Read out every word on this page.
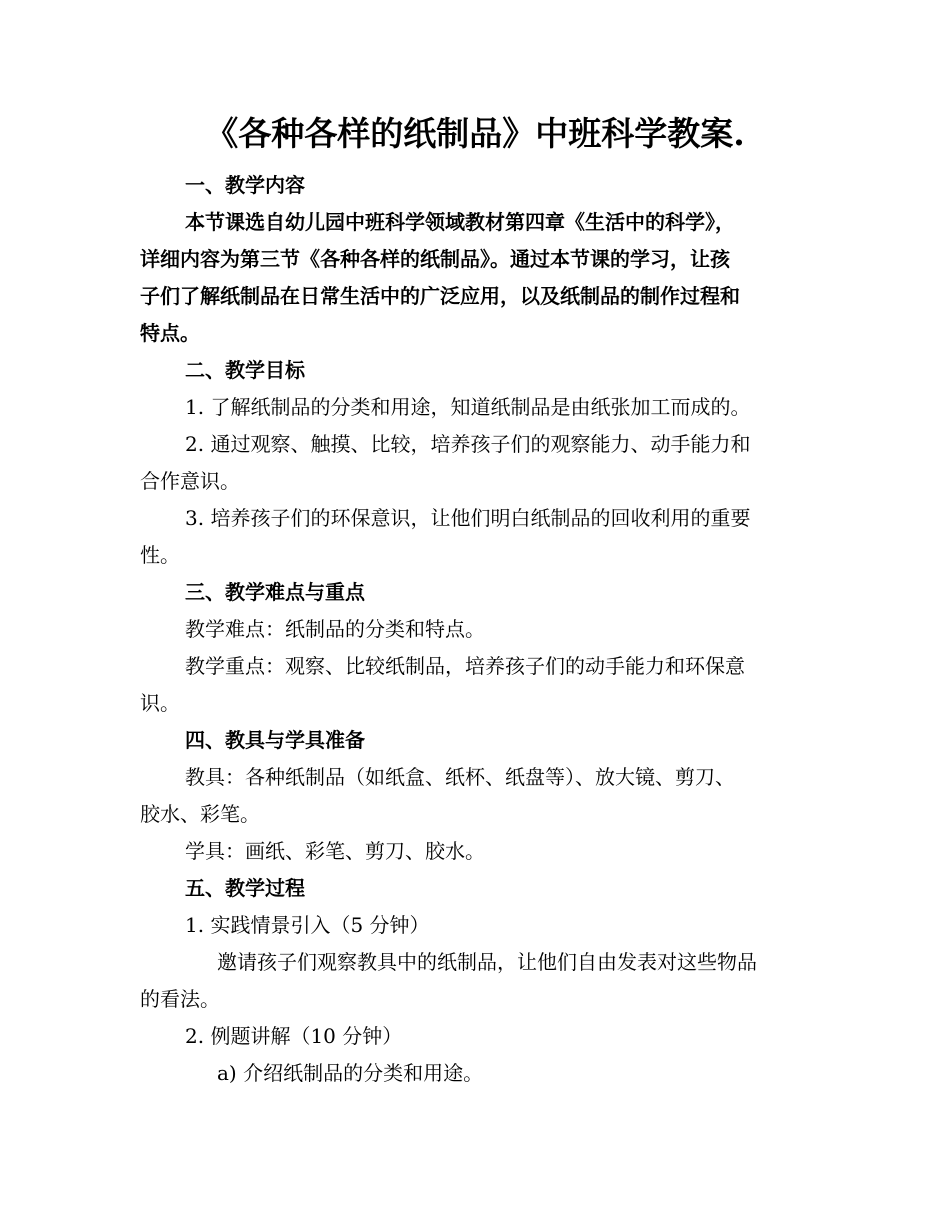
《各种各样的纸制品》中班科学教案.

一、教学内容

本节课选自幼儿园中班科学领域教材第四章《生活中的科学》，

详细内容为第三节《各种各样的纸制品》。通过本节课的学习，让孩

子们了解纸制品在日常生活中的广泛应用，以及纸制品的制作过程和

特点。

二、教学目标

1. 了解纸制品的分类和用途，知道纸制品是由纸张加工而成的。

2. 通过观察、触摸、比较，培养孩子们的观察能力、动手能力和

合作意识。

3. 培养孩子们的环保意识，让他们明白纸制品的回收利用的重要

性。

三、教学难点与重点

教学难点：纸制品的分类和特点。

教学重点：观察、比较纸制品，培养孩子们的动手能力和环保意

识。

四、教具与学具准备

教具：各种纸制品（如纸盒、纸杯、纸盘等）、放大镜、剪刀、

胶水、彩笔。

学具：画纸、彩笔、剪刀、胶水。

五、教学过程

1. 实践情景引入（5 分钟）

邀请孩子们观察教具中的纸制品，让他们自由发表对这些物品

的看法。

2. 例题讲解（10 分钟）

a) 介绍纸制品的分类和用途。
